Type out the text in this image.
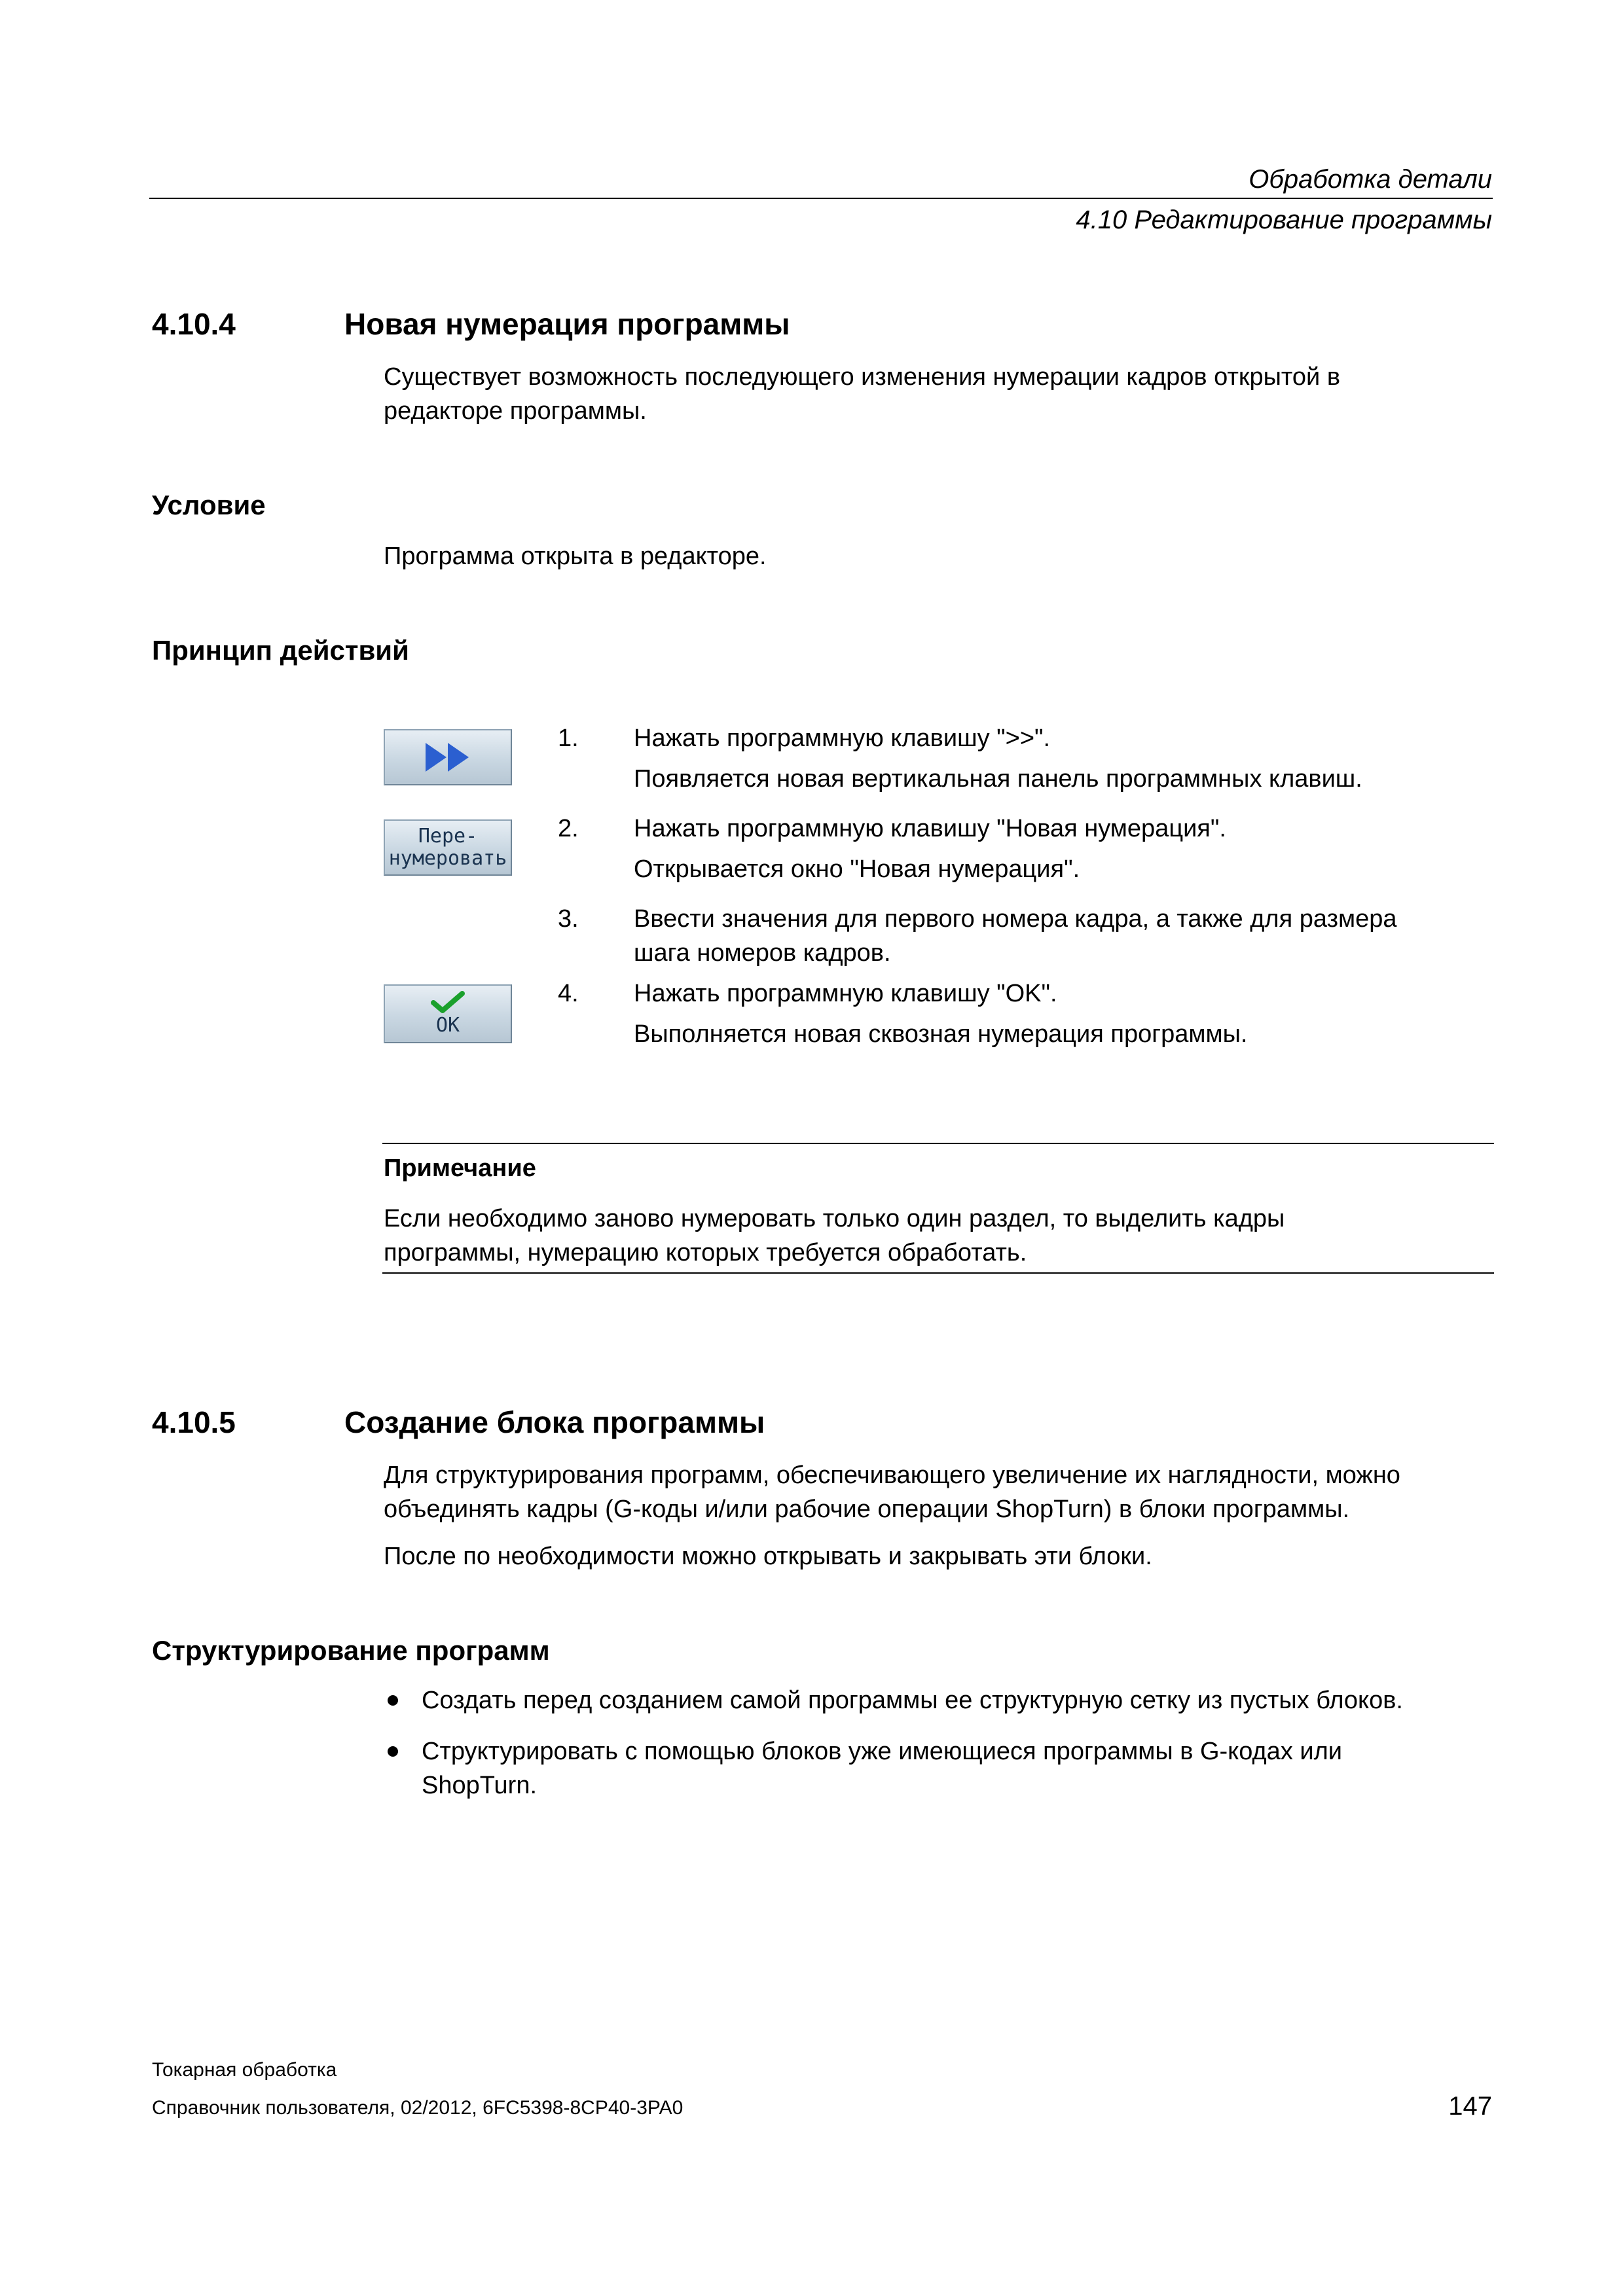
Обработка детали
4.10 Редактирование программы
4.10.4	Новая нумерация программы
Существует возможность последующего изменения нумерации кадров открытой в
редакторе программы.
Условие
Программа открыта в редакторе.
Принцип действий
Пере-
нумеровать
OK
1.	Нажать программную клавишу ">>".
Появляется новая вертикальная панель программных клавиш.
2.	Нажать программную клавишу "Новая нумерация".
Открывается окно "Новая нумерация".
3.	Ввести значения для первого номера кадра, а также для размера
шага номеров кадров.
4.	Нажать программную клавишу "OK".
Выполняется новая сквозная нумерация программы.
Примечание
Если необходимо заново нумеровать только один раздел, то выделить кадры
программы, нумерацию которых требуется обработать.
4.10.5	Создание блока программы
Для структурирования программ, обеспечивающего увеличение их наглядности, можно
объединять кадры (G-коды и/или рабочие операции ShopTurn) в блоки программы.
После по необходимости можно открывать и закрывать эти блоки.
Структурирование программ
Создать перед созданием самой программы ее структурную сетку из пустых блоков.
Структурировать с помощью блоков уже имеющиеся программы в G-кодах или
ShopTurn.
Токарная обработка
Справочник пользователя, 02/2012, 6FC5398-8CP40-3PA0	147
